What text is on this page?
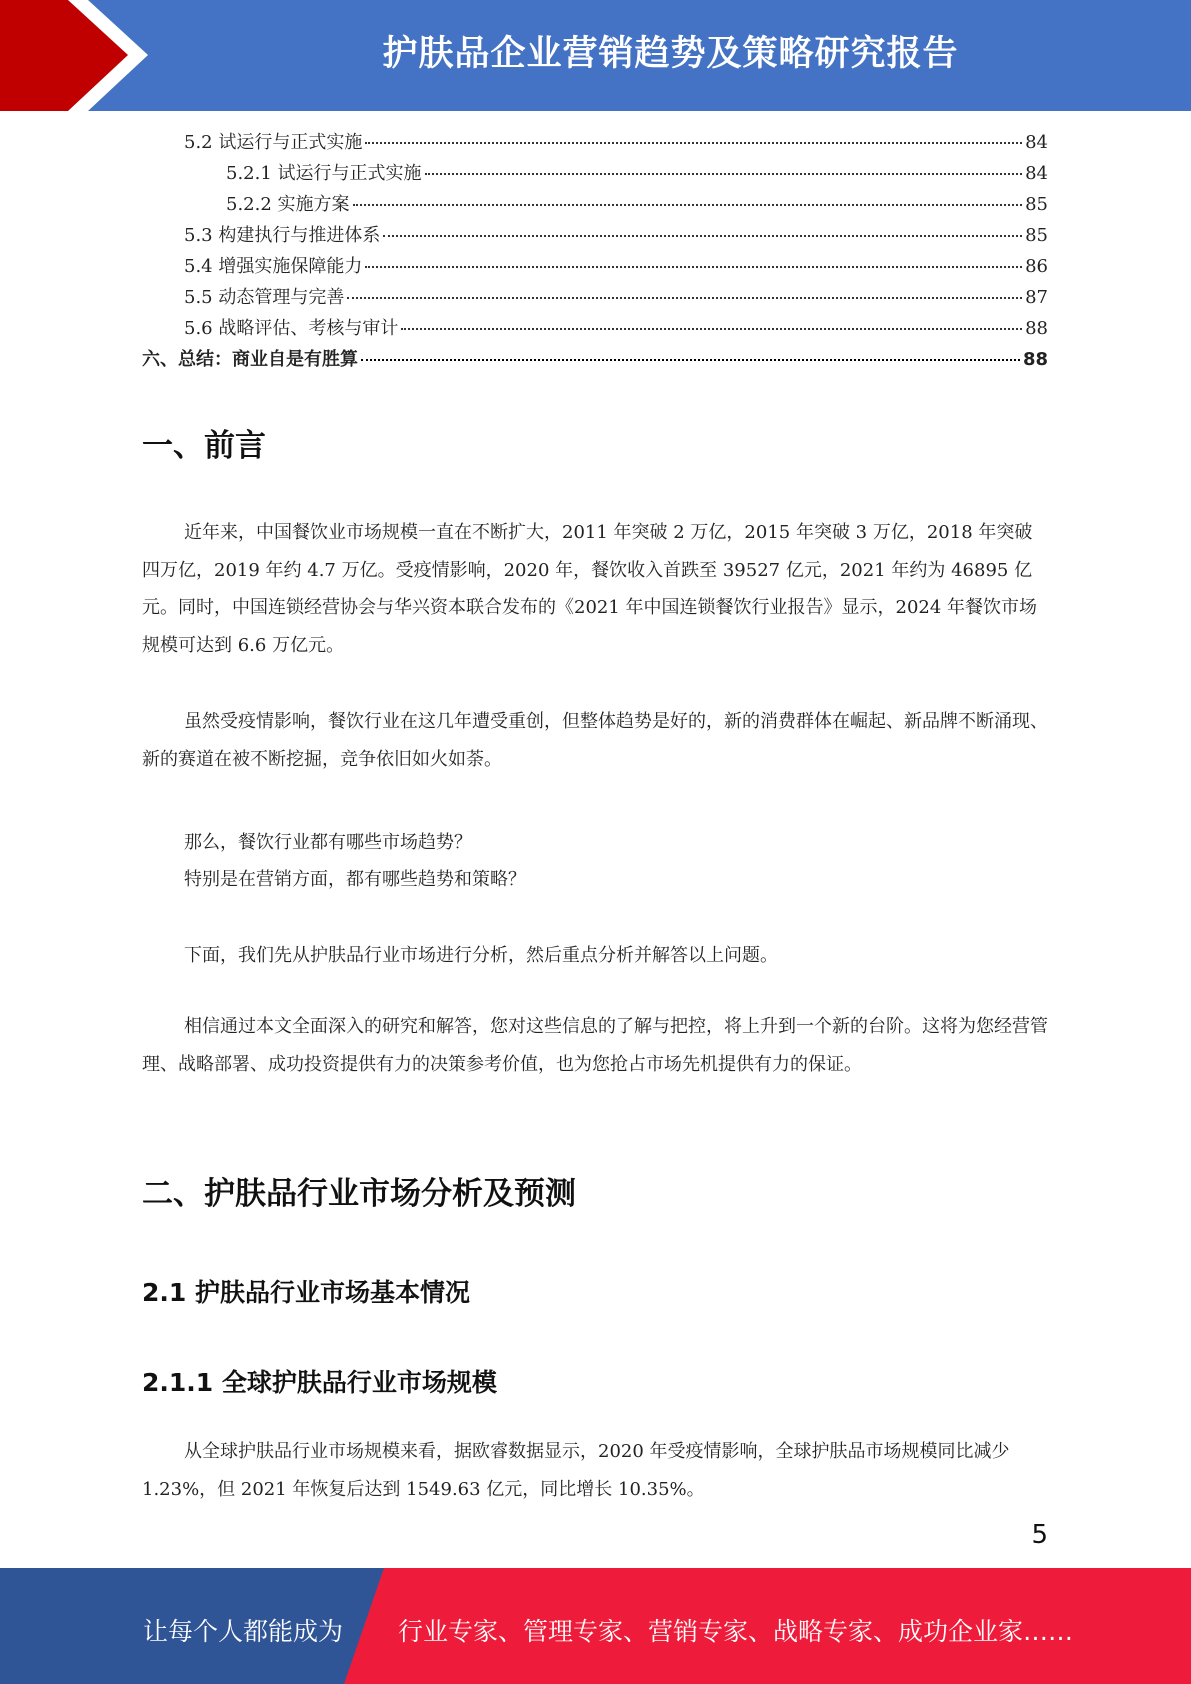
护肤品企业营销趋势及策略研究报告
5.2 试运行与正式实施	84
5.2.1 试运行与正式实施	84
5.2.2 实施方案	85
5.3 构建执行与推进体系	85
5.4 增强实施保障能力	86
5.5 动态管理与完善	87
5.6 战略评估、考核与审计	88
六、总结：商业自是有胜算	88
一、前言

近年来，中国餐饮业市场规模一直在不断扩大，2011 年突破 2 万亿，2015 年突破 3 万亿，2018 年突破四万亿，2019 年约 4.7 万亿。受疫情影响，2020 年，餐饮收入首跌至 39527 亿元，2021 年约为 46895 亿元。同时，中国连锁经营协会与华兴资本联合发布的《2021 年中国连锁餐饮行业报告》显示，2024 年餐饮市场规模可达到 6.6 万亿元。

虽然受疫情影响，餐饮行业在这几年遭受重创，但整体趋势是好的，新的消费群体在崛起、新品牌不断涌现、新的赛道在被不断挖掘，竞争依旧如火如荼。

那么，餐饮行业都有哪些市场趋势？
特别是在营销方面，都有哪些趋势和策略？
下面，我们先从护肤品行业市场进行分析，然后重点分析并解答以上问题。

相信通过本文全面深入的研究和解答，您对这些信息的了解与把控，将上升到一个新的台阶。这将为您经营管理、战略部署、成功投资提供有力的决策参考价值，也为您抢占市场先机提供有力的保证。

二、护肤品行业市场分析及预测
2.1 护肤品行业市场基本情况
2.1.1 全球护肤品行业市场规模

从全球护肤品行业市场规模来看，据欧睿数据显示，2020 年受疫情影响，全球护肤品市场规模同比减少 1.23%，但 2021 年恢复后达到 1549.63 亿元，同比增长 10.35%。

5
让每个人都能成为 行业专家、管理专家、营销专家、战略专家、成功企业家……
